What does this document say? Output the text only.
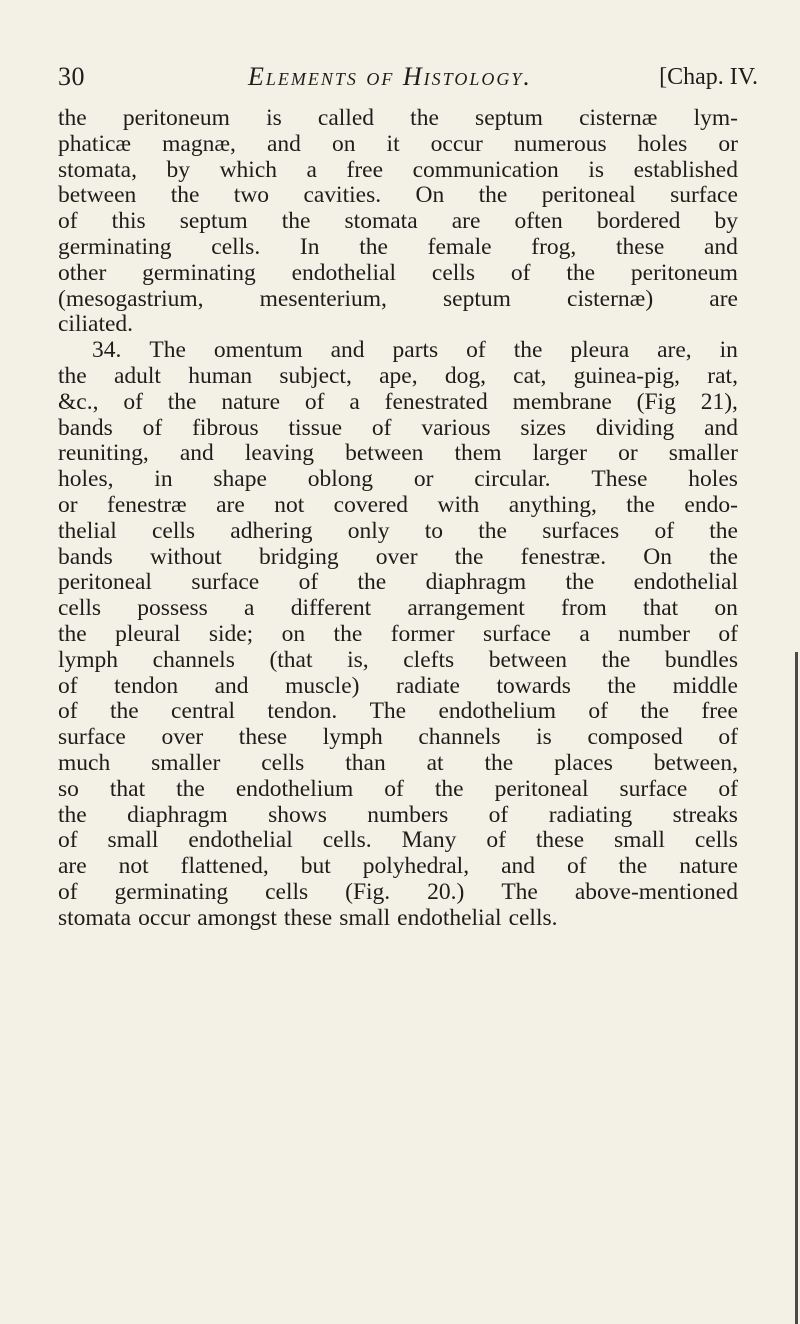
30	Elements of Histology.	[Chap. IV.
the peritoneum is called the septum cisternæ lym-
phaticæ magnæ, and on it occur numerous holes or
stomata, by which a free communication is established
between the two cavities. On the peritoneal surface
of this septum the stomata are often bordered by
germinating cells. In the female frog, these and
other germinating endothelial cells of the peritoneum
(mesogastrium, mesenterium, septum cisternæ) are
ciliated.
34. The omentum and parts of the pleura are, in
the adult human subject, ape, dog, cat, guinea-pig, rat,
&c., of the nature of a fenestrated membrane (Fig 21),
bands of fibrous tissue of various sizes dividing and
reuniting, and leaving between them larger or smaller
holes, in shape oblong or circular. These holes
or fenestræ are not covered with anything, the endo-
thelial cells adhering only to the surfaces of the
bands without bridging over the fenestræ. On the
peritoneal surface of the diaphragm the endothelial
cells possess a different arrangement from that on
the pleural side; on the former surface a number of
lymph channels (that is, clefts between the bundles
of tendon and muscle) radiate towards the middle
of the central tendon. The endothelium of the free
surface over these lymph channels is composed of
much smaller cells than at the places between,
so that the endothelium of the peritoneal surface of
the diaphragm shows numbers of radiating streaks
of small endothelial cells. Many of these small cells
are not flattened, but polyhedral, and of the nature
of germinating cells (Fig. 20.) The above-mentioned
stomata occur amongst these small endothelial cells.
